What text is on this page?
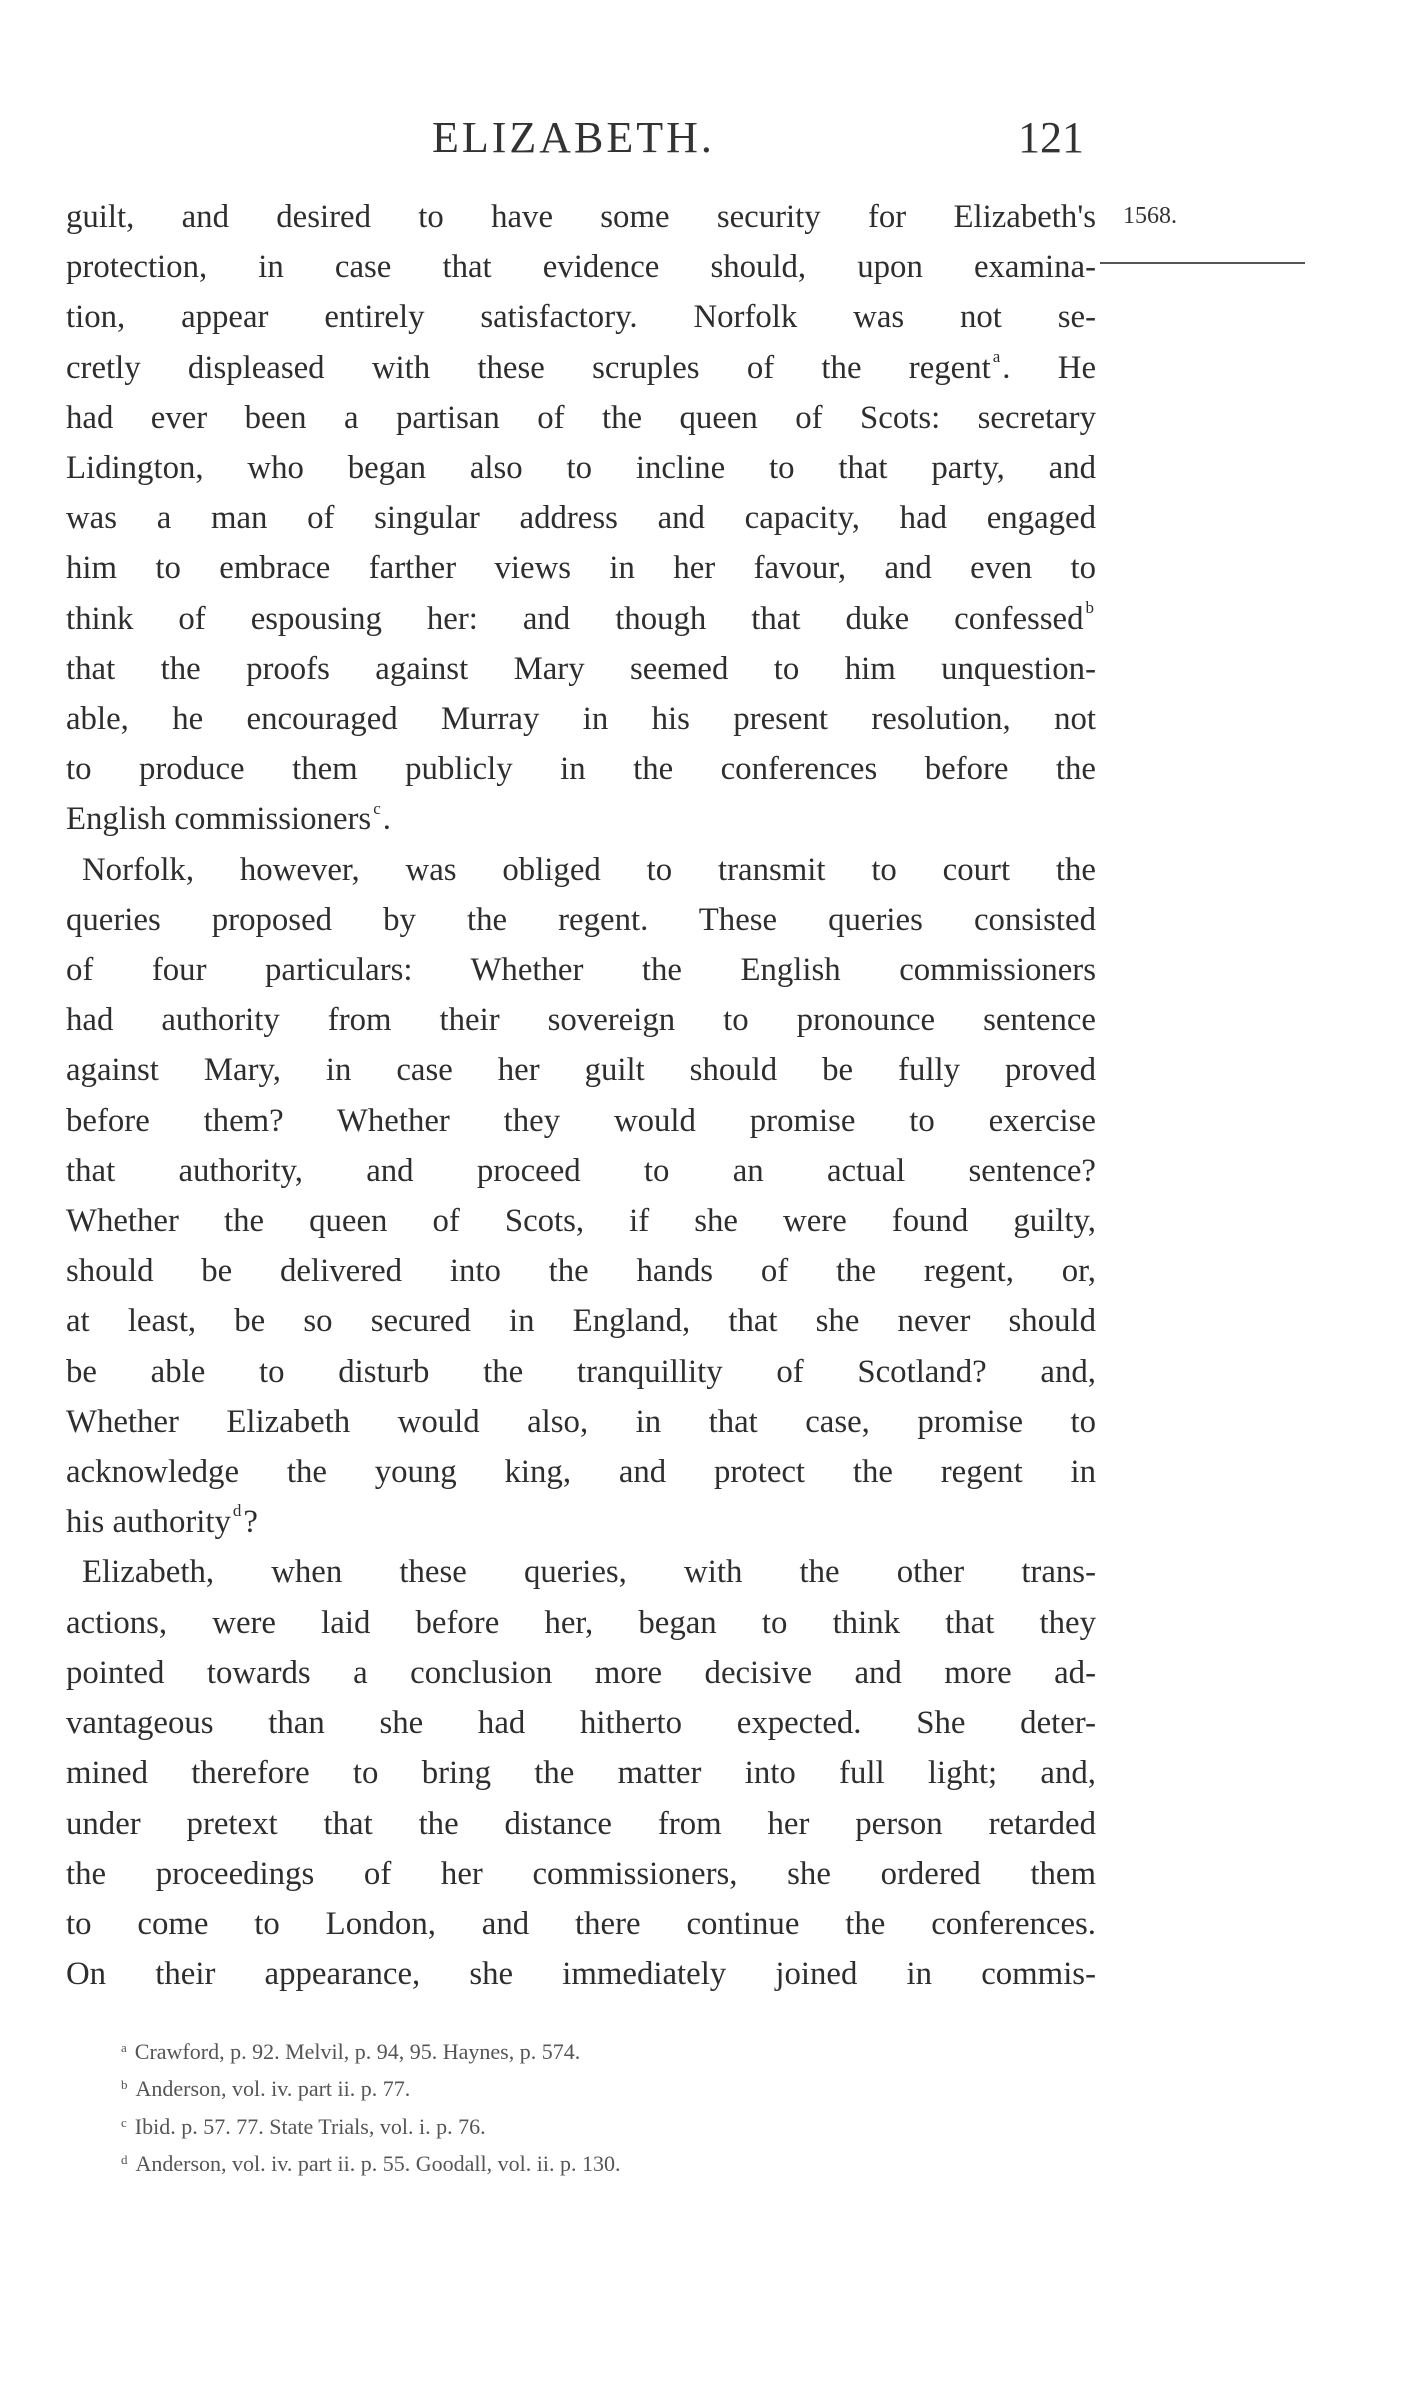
ELIZABETH.	121
1568.
guilt, and desired to have some security for Elizabeth's
protection, in case that evidence should, upon examina-
tion, appear entirely satisfactory. Norfolk was not se-
cretly displeased with these scruples of the regent $^a$. He
had ever been a partisan of the queen of Scots: secretary
Lidington, who began also to incline to that party, and
was a man of singular address and capacity, had engaged
him to embrace farther views in her favour, and even to
think of espousing her: and though that duke confessed $^b$
that the proofs against Mary seemed to him unquestion-
able, he encouraged Murray in his present resolution, not
to produce them publicly in the conferences before the
English commissioners $^c$.
Norfolk, however, was obliged to transmit to court the
queries proposed by the regent. These queries consisted
of four particulars: Whether the English commissioners
had authority from their sovereign to pronounce sentence
against Mary, in case her guilt should be fully proved
before them? Whether they would promise to exercise
that authority, and proceed to an actual sentence?
Whether the queen of Scots, if she were found guilty,
should be delivered into the hands of the regent, or,
at least, be so secured in England, that she never should
be able to disturb the tranquillity of Scotland? and,
Whether Elizabeth would also, in that case, promise to
acknowledge the young king, and protect the regent in
his authority $^d$?
Elizabeth, when these queries, with the other trans-
actions, were laid before her, began to think that they
pointed towards a conclusion more decisive and more ad-
vantageous than she had hitherto expected. She deter-
mined therefore to bring the matter into full light; and,
under pretext that the distance from her person retarded
the proceedings of her commissioners, she ordered them
to come to London, and there continue the conferences.
On their appearance, she immediately joined in commis-
$^a$ Crawford, p. 92. Melvil, p. 94, 95. Haynes, p. 574.
$^b$ Anderson, vol. iv. part ii. p. 77.
$^c$ Ibid. p. 57. 77. State Trials, vol. i. p. 76.
$^d$ Anderson, vol. iv. part ii. p. 55. Goodall, vol. ii. p. 130.
